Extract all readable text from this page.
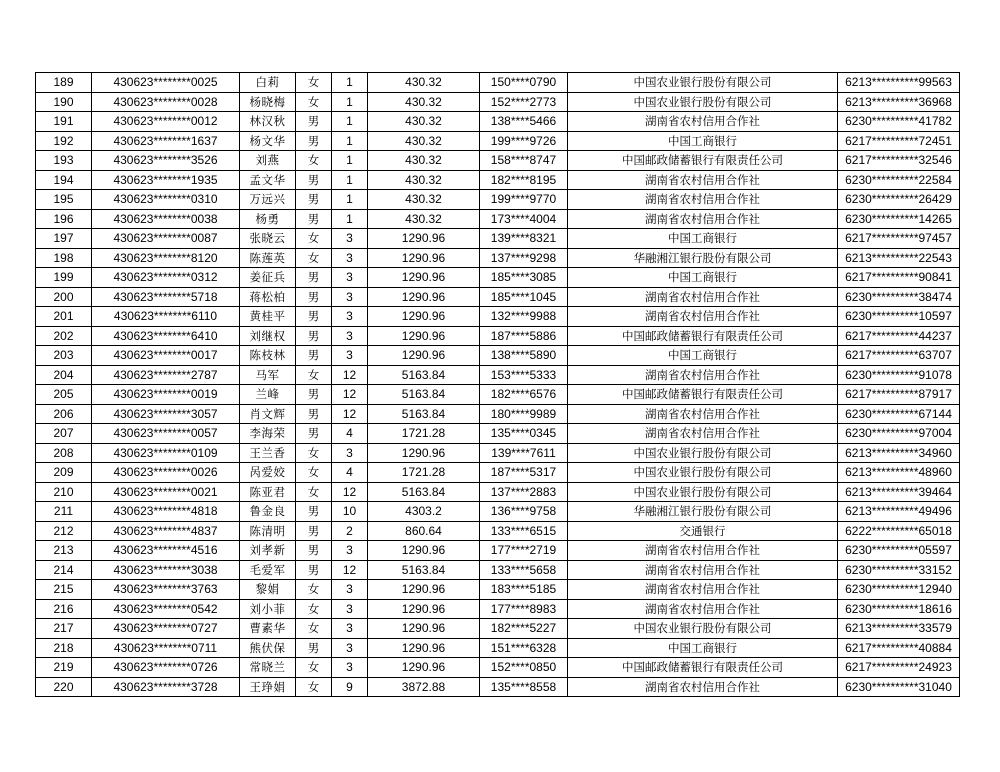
189	430623********0025	白莉	女	1	430.32	150****0790	中国农业银行股份有限公司	6213**********99563
190	430623********0028	杨晓梅	女	1	430.32	152****2773	中国农业银行股份有限公司	6213**********36968
191	430623********0012	林汉秋	男	1	430.32	138****5466	湖南省农村信用合作社	6230**********41782
192	430623********1637	杨文华	男	1	430.32	199****9726	中国工商银行	6217**********72451
193	430623********3526	刘燕	女	1	430.32	158****8747	中国邮政储蓄银行有限责任公司	6217**********32546
194	430623********1935	孟文华	男	1	430.32	182****8195	湖南省农村信用合作社	6230**********22584
195	430623********0310	万远兴	男	1	430.32	199****9770	湖南省农村信用合作社	6230**********26429
196	430623********0038	杨勇	男	1	430.32	173****4004	湖南省农村信用合作社	6230**********14265
197	430623********0087	张晓云	女	3	1290.96	139****8321	中国工商银行	6217**********97457
198	430623********8120	陈莲英	女	3	1290.96	137****9298	华融湘江银行股份有限公司	6213**********22543
199	430623********0312	姜征兵	男	3	1290.96	185****3085	中国工商银行	6217**********90841
200	430623********5718	蒋松柏	男	3	1290.96	185****1045	湖南省农村信用合作社	6230**********38474
201	430623********6110	黄桂平	男	3	1290.96	132****9988	湖南省农村信用合作社	6230**********10597
202	430623********6410	刘继权	男	3	1290.96	187****5886	中国邮政储蓄银行有限责任公司	6217**********44237
203	430623********0017	陈枝林	男	3	1290.96	138****5890	中国工商银行	6217**********63707
204	430623********2787	马军	女	12	5163.84	153****5333	湖南省农村信用合作社	6230**********91078
205	430623********0019	兰峰	男	12	5163.84	182****6576	中国邮政储蓄银行有限责任公司	6217**********87917
206	430623********3057	肖文辉	男	12	5163.84	180****9989	湖南省农村信用合作社	6230**********67144
207	430623********0057	李海荣	男	4	1721.28	135****0345	湖南省农村信用合作社	6230**********97004
208	430623********0109	王兰香	女	3	1290.96	139****7611	中国农业银行股份有限公司	6213**********34960
209	430623********0026	呙爱姣	女	4	1721.28	187****5317	中国农业银行股份有限公司	6213**********48960
210	430623********0021	陈亚君	女	12	5163.84	137****2883	中国农业银行股份有限公司	6213**********39464
211	430623********4818	鲁金良	男	10	4303.2	136****9758	华融湘江银行股份有限公司	6213**********49496
212	430623********4837	陈清明	男	2	860.64	133****6515	交通银行	6222**********65018
213	430623********4516	刘孝新	男	3	1290.96	177****2719	湖南省农村信用合作社	6230**********05597
214	430623********3038	毛爱军	男	12	5163.84	133****5658	湖南省农村信用合作社	6230**********33152
215	430623********3763	黎娟	女	3	1290.96	183****5185	湖南省农村信用合作社	6230**********12940
216	430623********0542	刘小菲	女	3	1290.96	177****8983	湖南省农村信用合作社	6230**********18616
217	430623********0727	曹素华	女	3	1290.96	182****5227	中国农业银行股份有限公司	6213**********33579
218	430623********0711	熊伏保	男	3	1290.96	151****6328	中国工商银行	6217**********40884
219	430623********0726	常晓兰	女	3	1290.96	152****0850	中国邮政储蓄银行有限责任公司	6217**********24923
220	430623********3728	王琤娟	女	9	3872.88	135****8558	湖南省农村信用合作社	6230**********31040
